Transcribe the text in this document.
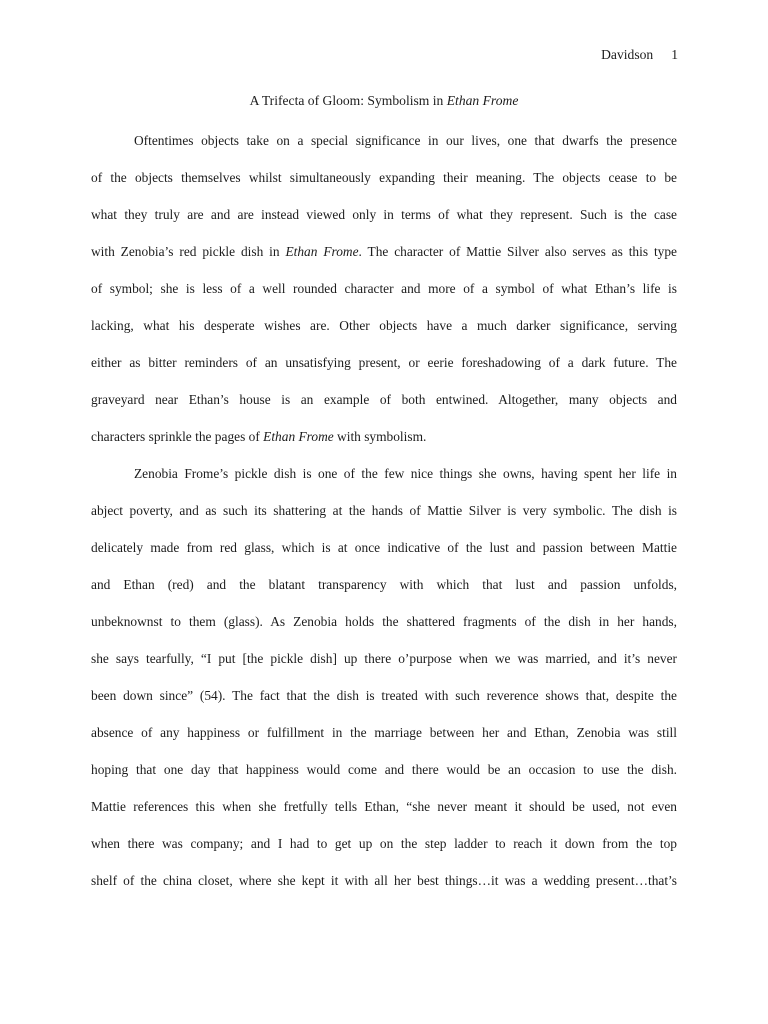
Davidson 1
A Trifecta of Gloom: Symbolism in Ethan Frome
Oftentimes objects take on a special significance in our lives, one that dwarfs the presence
of the objects themselves whilst simultaneously expanding their meaning. The objects cease to be
what they truly are and are instead viewed only in terms of what they represent. Such is the case
with Zenobia’s red pickle dish in Ethan Frome. The character of Mattie Silver also serves as this type
of symbol; she is less of a well rounded character and more of a symbol of what Ethan’s life is
lacking, what his desperate wishes are. Other objects have a much darker significance, serving
either as bitter reminders of an unsatisfying present, or eerie foreshadowing of a dark future. The
graveyard near Ethan’s house is an example of both entwined. Altogether, many objects and
characters sprinkle the pages of Ethan Frome with symbolism.
Zenobia Frome’s pickle dish is one of the few nice things she owns, having spent her life in
abject poverty, and as such its shattering at the hands of Mattie Silver is very symbolic. The dish is
delicately made from red glass, which is at once indicative of the lust and passion between Mattie
and Ethan (red) and the blatant transparency with which that lust and passion unfolds,
unbeknownst to them (glass). As Zenobia holds the shattered fragments of the dish in her hands,
she says tearfully, “I put [the pickle dish] up there o’purpose when we was married, and it’s never
been down since” (54). The fact that the dish is treated with such reverence shows that, despite the
absence of any happiness or fulfillment in the marriage between her and Ethan, Zenobia was still
hoping that one day that happiness would come and there would be an occasion to use the dish.
Mattie references this when she fretfully tells Ethan, “she never meant it should be used, not even
when there was company; and I had to get up on the step ladder to reach it down from the top
shelf of the china closet, where she kept it with all her best things…it was a wedding present…that’s
